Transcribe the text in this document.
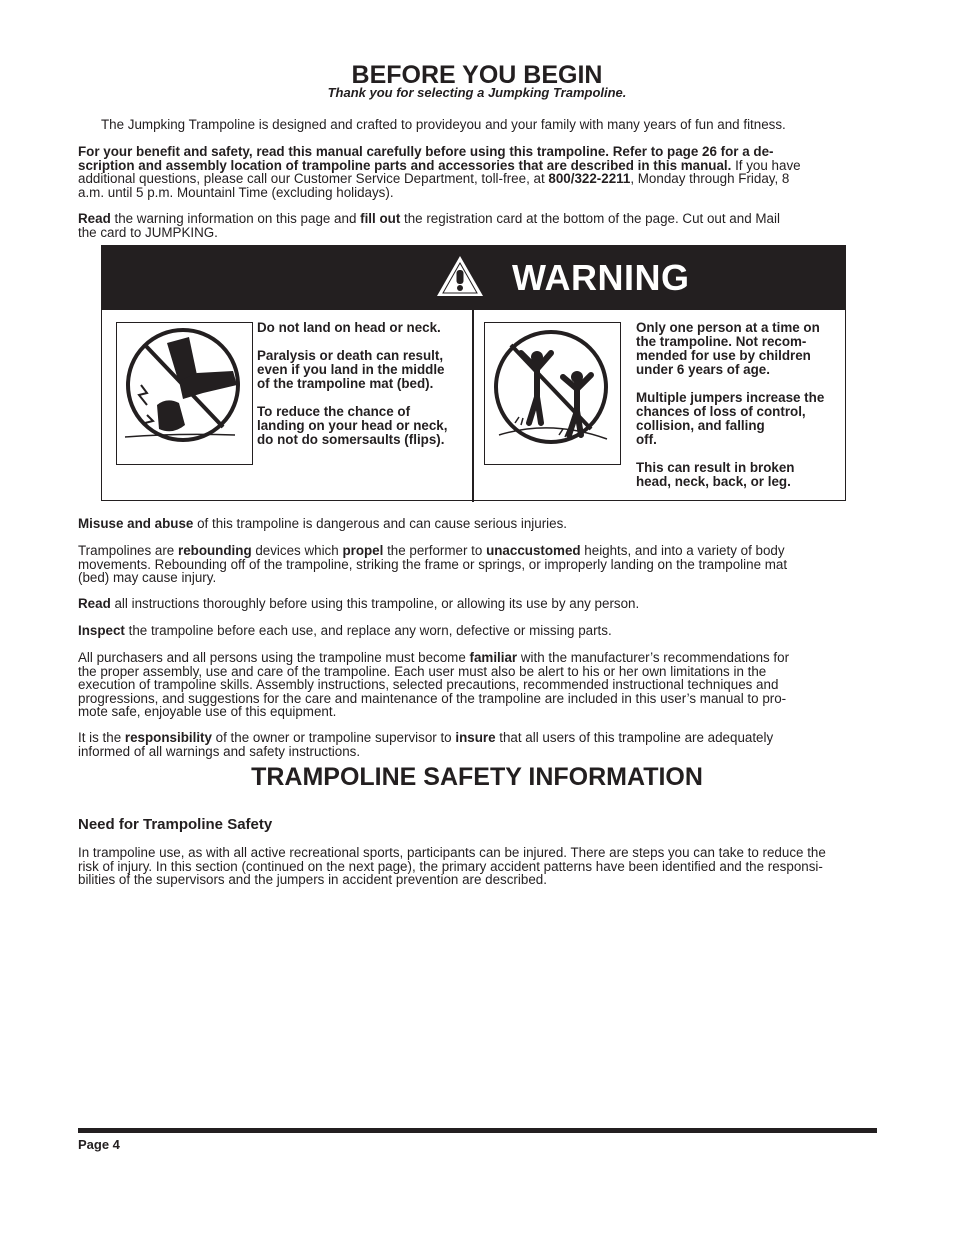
BEFORE YOU BEGIN
Thank you for selecting a Jumpking Trampoline.
The Jumpking Trampoline is designed and crafted to provideyou and your family with many years of fun and fitness.
For your benefit and safety, read this manual carefully before using this trampoline. Refer to page 26 for a de-
scription and assembly location of trampoline parts and accessories that are described in this manual. If you have
additional questions, please call our Customer Service Department, toll-free, at 800/322-2211, Monday through Friday, 8
a.m. until 5 p.m. Mountainl Time (excluding holidays).
Read the warning information on this page and fill out the registration card at the bottom of the page. Cut out and Mail
the card to JUMPKING.
WARNING

Do not land on head or neck.

Paralysis or death can result,
even if you land in the middle
of the trampoline mat (bed).

To reduce the chance of
landing on your head or neck,
do not do somersaults (flips).

Only one person at a time on
the trampoline. Not recom-
mended for use by children
under 6 years of age.

Multiple jumpers increase the
chances of loss of control,
collision, and falling
off.

This can result in broken
head, neck, back, or leg.

Misuse and abuse of this trampoline is dangerous and can cause serious injuries.
Trampolines are rebounding devices which propel the performer to unaccustomed heights, and into a variety of body
movements. Rebounding off of the trampoline, striking the frame or springs, or improperly landing on the trampoline mat
(bed) may cause injury.
Read all instructions thoroughly before using this trampoline, or allowing its use by any person.
Inspect the trampoline before each use, and replace any worn, defective or missing parts.
All purchasers and all persons using the trampoline must become familiar with the manufacturer’s recommendations for
the proper assembly, use and care of the trampoline. Each user must also be alert to his or her own limitations in the
execution of trampoline skills. Assembly instructions, selected precautions, recommended instructional techniques and
progressions, and suggestions for the care and maintenance of the trampoline are included in this user’s manual to pro-
mote safe, enjoyable use of this equipment.
It is the responsibility of the owner or trampoline supervisor to insure that all users of this trampoline are adequately
informed of all warnings and safety instructions.
TRAMPOLINE SAFETY INFORMATION
Need for Trampoline Safety
In trampoline use, as with all active recreational sports, participants can be injured. There are steps you can take to reduce the
risk of injury. In this section (continued on the next page), the primary accident patterns have been identified and the responsi-
bilities of the supervisors and the jumpers in accident prevention are described.
Page 4
